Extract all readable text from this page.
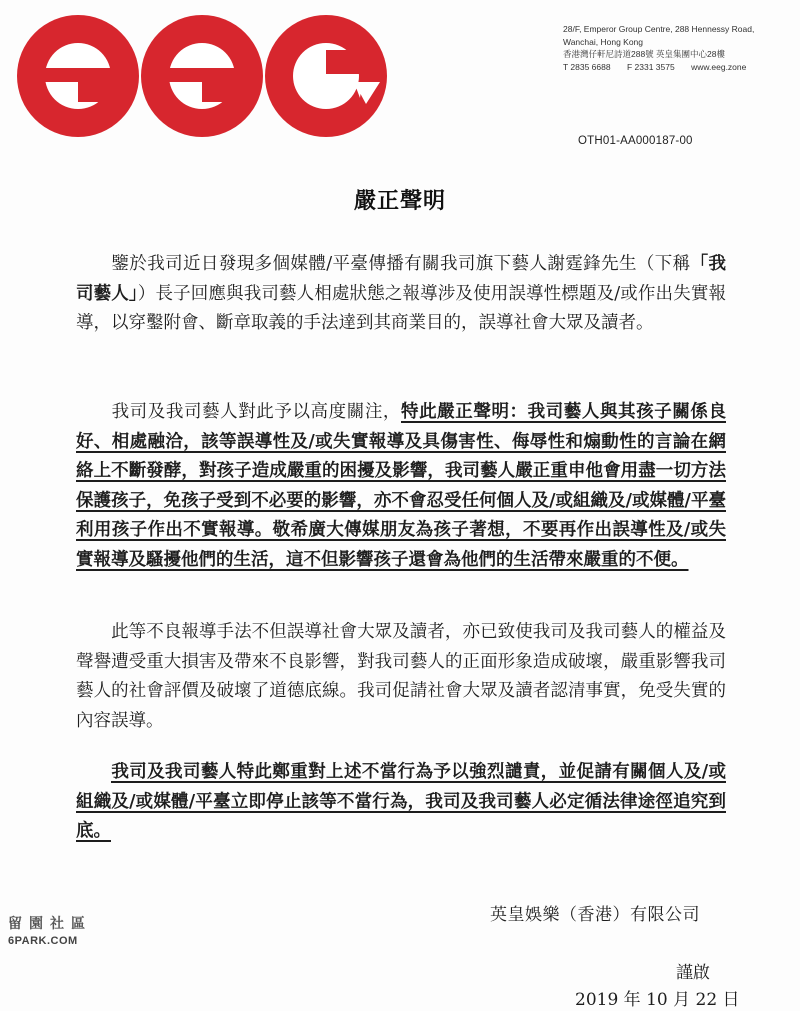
28/F, Emperor Group Centre, 288 Hennessy Road,
Wanchai, Hong Kong
香港灣仔軒尼詩道288號 英皇集團中心28樓
T 2835 6688 F 2331 3575 www.eeg.zone
OTH01-AA000187-00
嚴正聲明
鑒於我司近日發現多個媒體/平臺傳播有關我司旗下藝人謝霆鋒先生（下稱「我司藝人」）長子回應與我司藝人相處狀態之報導涉及使用誤導性標題及/或作出失實報導，以穿鑿附會、斷章取義的手法達到其商業目的，誤導社會大眾及讀者。
我司及我司藝人對此予以高度關注，特此嚴正聲明：我司藝人與其孩子關係良好、相處融洽，該等誤導性及/或失實報導及具傷害性、侮辱性和煽動性的言論在網絡上不斷發酵，對孩子造成嚴重的困擾及影響，我司藝人嚴正重申他會用盡一切方法保護孩子，免孩子受到不必要的影響，亦不會忍受任何個人及/或組織及/或媒體/平臺利用孩子作出不實報導。敬希廣大傳媒朋友為孩子著想，不要再作出誤導性及/或失實報導及騷擾他們的生活，這不但影響孩子還會為他們的生活帶來嚴重的不便。
此等不良報導手法不但誤導社會大眾及讀者，亦已致使我司及我司藝人的權益及聲譽遭受重大損害及帶來不良影響，對我司藝人的正面形象造成破壞，嚴重影響我司藝人的社會評價及破壞了道德底線。我司促請社會大眾及讀者認清事實，免受失實的內容誤導。
我司及我司藝人特此鄭重對上述不當行為予以強烈譴責，並促請有關個人及/或組織及/或媒體/平臺立即停止該等不當行為，我司及我司藝人必定循法律途徑追究到底。
英皇娛樂（香港）有限公司
謹啟
2019 年 10 月 22 日
留園社區
6PARK.COM
